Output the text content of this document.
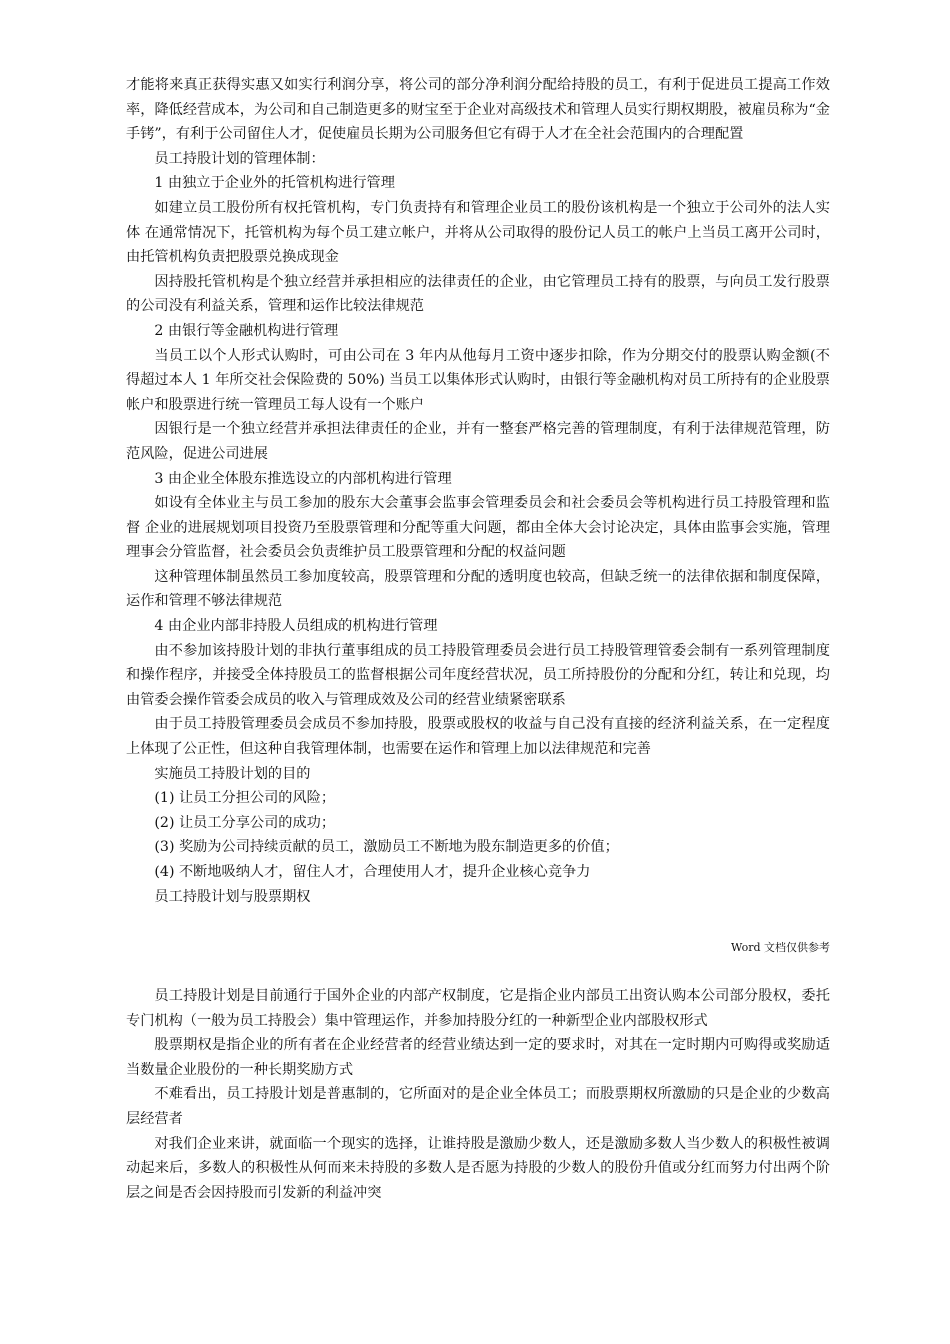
才能将来真正获得实惠又如实行利润分享，将公司的部分净利润分配给持股的员工，有利于促进员工提高工作效率，降低经营成本，为公司和自己制造更多的财宝至于企业对高级技术和管理人员实行期权期股，被雇员称为“金手铐”，有利于公司留住人才，促使雇员长期为公司服务但它有碍于人才在全社会范围内的合理配置

员工持股计划的管理体制：

1 由独立于企业外的托管机构进行管理

如建立员工股份所有权托管机构，专门负责持有和管理企业员工的股份该机构是一个独立于公司外的法人实体 在通常情况下，托管机构为每个员工建立帐户，并将从公司取得的股份记人员工的帐户上当员工离开公司时，由托管机构负责把股票兑换成现金

因持股托管机构是个独立经营并承担相应的法律责任的企业，由它管理员工持有的股票，与向员工发行股票的公司没有利益关系，管理和运作比较法律规范

2 由银行等金融机构进行管理

当员工以个人形式认购时，可由公司在 3 年内从他每月工资中逐步扣除，作为分期交付的股票认购金额(不得超过本人 1 年所交社会保险费的 50%) 当员工以集体形式认购时，由银行等金融机构对员工所持有的企业股票帐户和股票进行统一管理员工每人设有一个账户

因银行是一个独立经营并承担法律责任的企业，并有一整套严格完善的管理制度，有利于法律规范管理，防范风险，促进公司进展

3 由企业全体股东推选设立的内部机构进行管理

如设有全体业主与员工参加的股东大会董事会监事会管理委员会和社会委员会等机构进行员工持股管理和监督 企业的进展规划项目投资乃至股票管理和分配等重大问题，都由全体大会讨论决定，具体由监事会实施，管理理事会分管监督，社会委员会负责维护员工股票管理和分配的权益问题

这种管理体制虽然员工参加度较高，股票管理和分配的透明度也较高，但缺乏统一的法律依据和制度保障，运作和管理不够法律规范

4 由企业内部非持股人员组成的机构进行管理

由不参加该持股计划的非执行董事组成的员工持股管理委员会进行员工持股管理管委会制有一系列管理制度和操作程序，并接受全体持股员工的监督根据公司年度经营状况，员工所持股份的分配和分红，转让和兑现，均由管委会操作管委会成员的收入与管理成效及公司的经营业绩紧密联系

由于员工持股管理委员会成员不参加持股，股票或股权的收益与自己没有直接的经济利益关系，在一定程度上体现了公正性，但这种自我管理体制，也需要在运作和管理上加以法律规范和完善

实施员工持股计划的目的

(1) 让员工分担公司的风险；

(2) 让员工分享公司的成功；

(3) 奖励为公司持续贡献的员工，激励员工不断地为股东制造更多的价值；

(4) 不断地吸纳人才，留住人才，合理使用人才，提升企业核心竞争力

员工持股计划与股票期权

Word 文档仅供参考

员工持股计划是目前通行于国外企业的内部产权制度，它是指企业内部员工出资认购本公司部分股权，委托专门机构（一般为员工持股会）集中管理运作，并参加持股分红的一种新型企业内部股权形式

股票期权是指企业的所有者在企业经营者的经营业绩达到一定的要求时，对其在一定时期内可购得或奖励适当数量企业股份的一种长期奖励方式

不难看出，员工持股计划是普惠制的，它所面对的是企业全体员工；而股票期权所激励的只是企业的少数高层经营者

对我们企业来讲，就面临一个现实的选择，让谁持股是激励少数人，还是激励多数人当少数人的积极性被调动起来后，多数人的积极性从何而来未持股的多数人是否愿为持股的少数人的股份升值或分红而努力付出两个阶层之间是否会因持股而引发新的利益冲突
